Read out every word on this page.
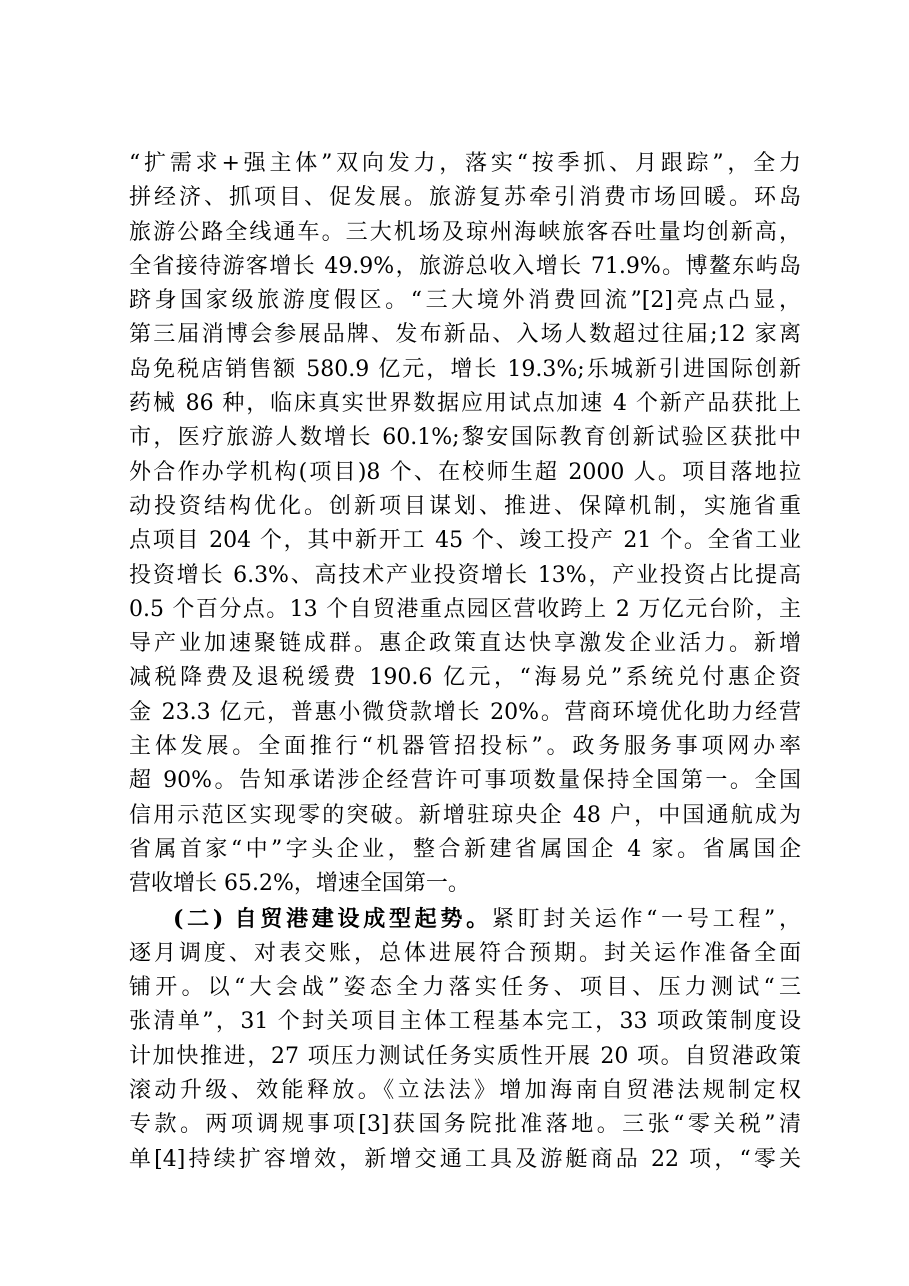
“扩需求+强主体”双向发力，落实“按季抓、月跟踪”，全力
拼经济、抓项目、促发展。旅游复苏牵引消费市场回暖。环岛
旅游公路全线通车。三大机场及琼州海峡旅客吞吐量均创新高，
全省接待游客增长 49.9%，旅游总收入增长 71.9%。博鳌东屿岛
跻身国家级旅游度假区。“三大境外消费回流”[2]亮点凸显，
第三届消博会参展品牌、发布新品、入场人数超过往届;12 家离
岛免税店销售额 580.9 亿元，增长 19.3%;乐城新引进国际创新
药械 86 种，临床真实世界数据应用试点加速 4 个新产品获批上
市，医疗旅游人数增长 60.1%;黎安国际教育创新试验区获批中
外合作办学机构(项目)8 个、在校师生超 2000 人。项目落地拉
动投资结构优化。创新项目谋划、推进、保障机制，实施省重
点项目 204 个，其中新开工 45 个、竣工投产 21 个。全省工业
投资增长 6.3%、高技术产业投资增长 13%，产业投资占比提高
0.5 个百分点。13 个自贸港重点园区营收跨上 2 万亿元台阶，主
导产业加速聚链成群。惠企政策直达快享激发企业活力。新增
减税降费及退税缓费 190.6 亿元，“海易兑”系统兑付惠企资
金 23.3 亿元，普惠小微贷款增长 20%。营商环境优化助力经营
主体发展。全面推行“机器管招投标”。政务服务事项网办率
超 90%。告知承诺涉企经营许可事项数量保持全国第一。全国
信用示范区实现零的突破。新增驻琼央企 48 户，中国通航成为
省属首家“中”字头企业，整合新建省属国企 4 家。省属国企
营收增长 65.2%，增速全国第一。
(二) 自贸港建设成型起势。紧盯封关运作“一号工程”，
逐月调度、对表交账，总体进展符合预期。封关运作准备全面
铺开。以“大会战”姿态全力落实任务、项目、压力测试“三
张清单”，31 个封关项目主体工程基本完工，33 项政策制度设
计加快推进，27 项压力测试任务实质性开展 20 项。自贸港政策
滚动升级、效能释放。《立法法》增加海南自贸港法规制定权
专款。两项调规事项[3]获国务院批准落地。三张“零关税”清
单[4]持续扩容增效，新增交通工具及游艇商品 22 项，“零关
